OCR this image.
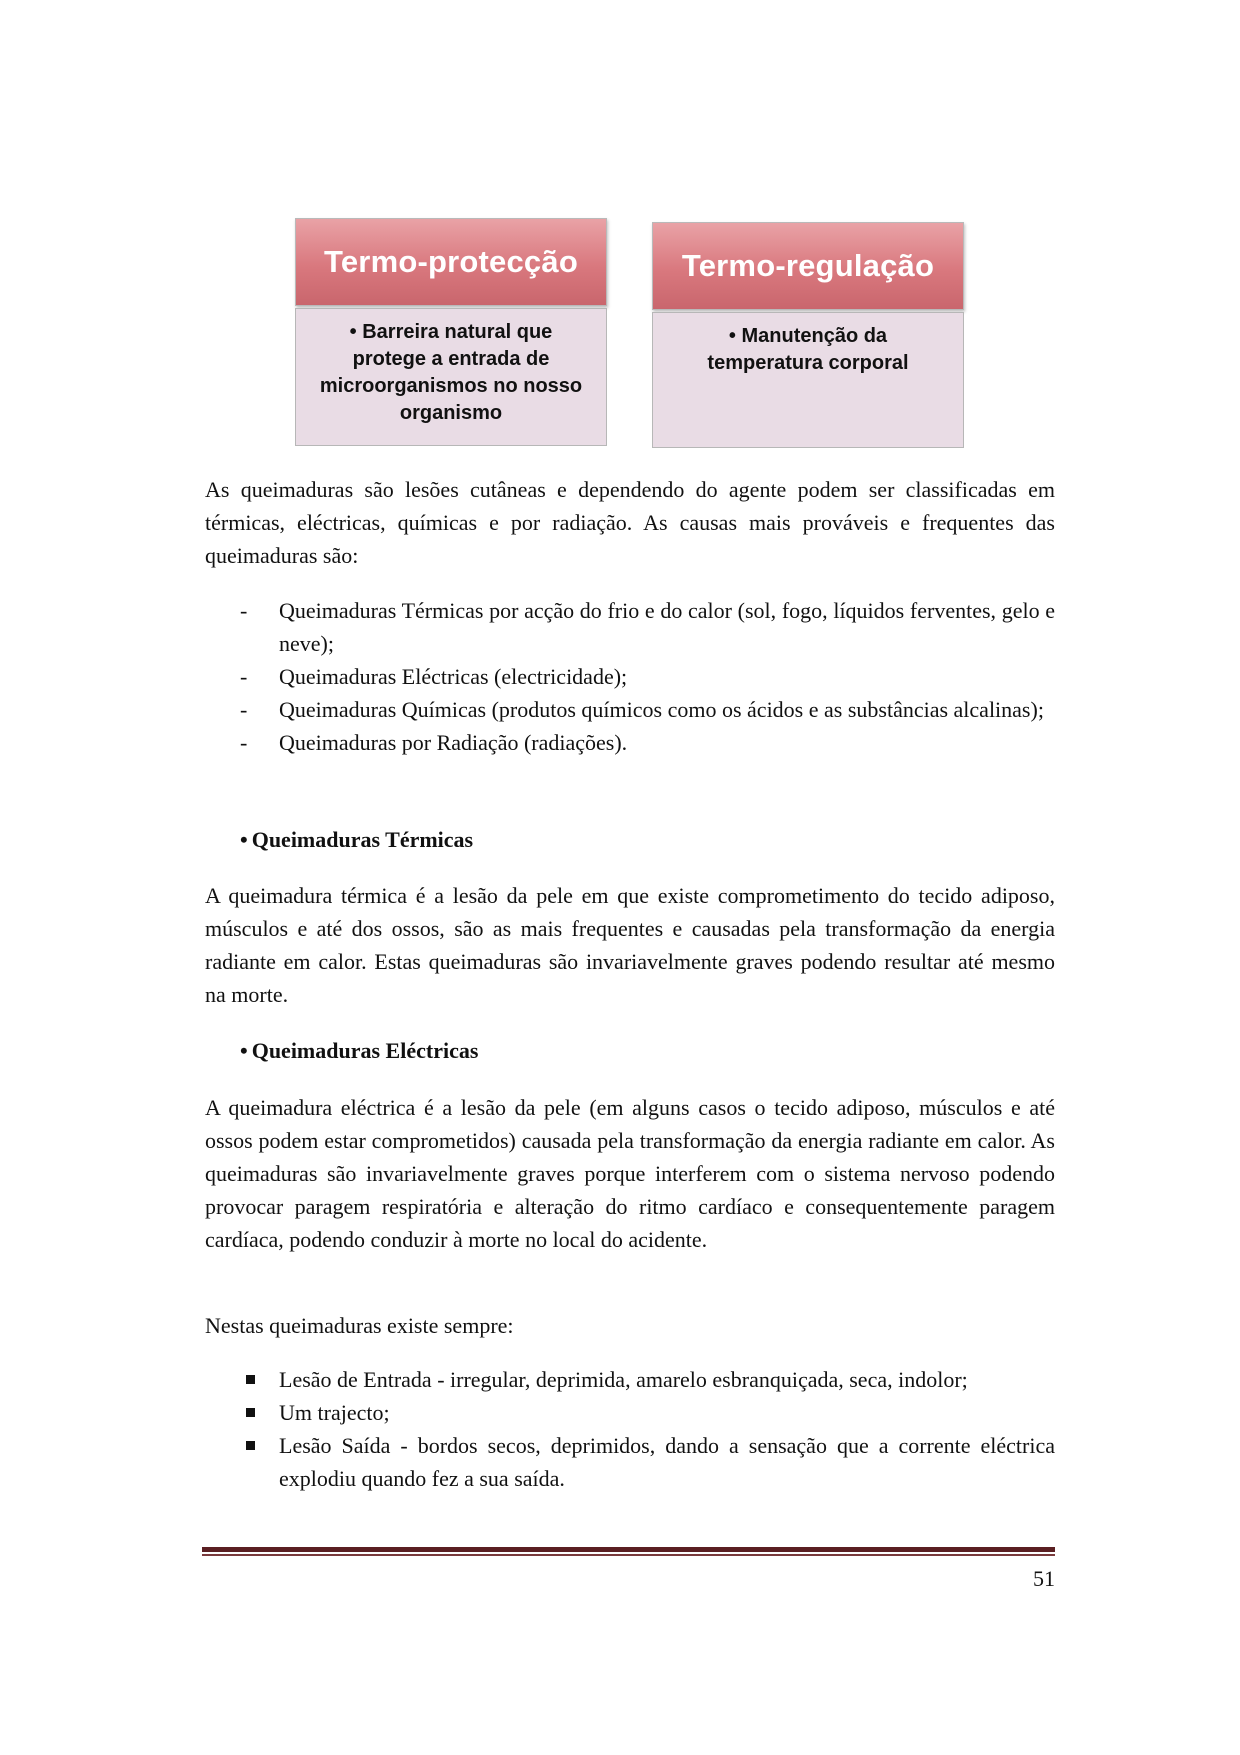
Termo-protecção
• Barreira natural que protege a entrada de microorganismos no nosso organismo
Termo-regulação
• Manutenção da temperatura corporal
As queimaduras são lesões cutâneas e dependendo do agente podem ser classificadas em térmicas, eléctricas, químicas e por radiação. As causas mais prováveis e frequentes das queimaduras são:
-	Queimaduras Térmicas por acção do frio e do calor (sol, fogo, líquidos ferventes, gelo e neve);
-	Queimaduras Eléctricas (electricidade);
-	Queimaduras Químicas (produtos químicos como os ácidos e as substâncias alcalinas);
-	Queimaduras por Radiação (radiações).
• Queimaduras Térmicas
A queimadura térmica é a lesão da pele em que existe comprometimento do tecido adiposo, músculos e até dos ossos, são as mais frequentes e causadas pela transformação da energia radiante em calor. Estas queimaduras são invariavelmente graves podendo resultar até mesmo na morte.
• Queimaduras Eléctricas
A queimadura eléctrica é a lesão da pele (em alguns casos o tecido adiposo, músculos e até ossos podem estar comprometidos) causada pela transformação da energia radiante em calor. As queimaduras são invariavelmente graves porque interferem com o sistema nervoso podendo provocar paragem respiratória e alteração do ritmo cardíaco e consequentemente paragem cardíaca, podendo conduzir à morte no local do acidente.
Nestas queimaduras existe sempre:
Lesão de Entrada - irregular, deprimida, amarelo esbranquiçada, seca, indolor;
Um trajecto;
Lesão Saída - bordos secos, deprimidos, dando a sensação que a corrente eléctrica explodiu quando fez a sua saída.
51
